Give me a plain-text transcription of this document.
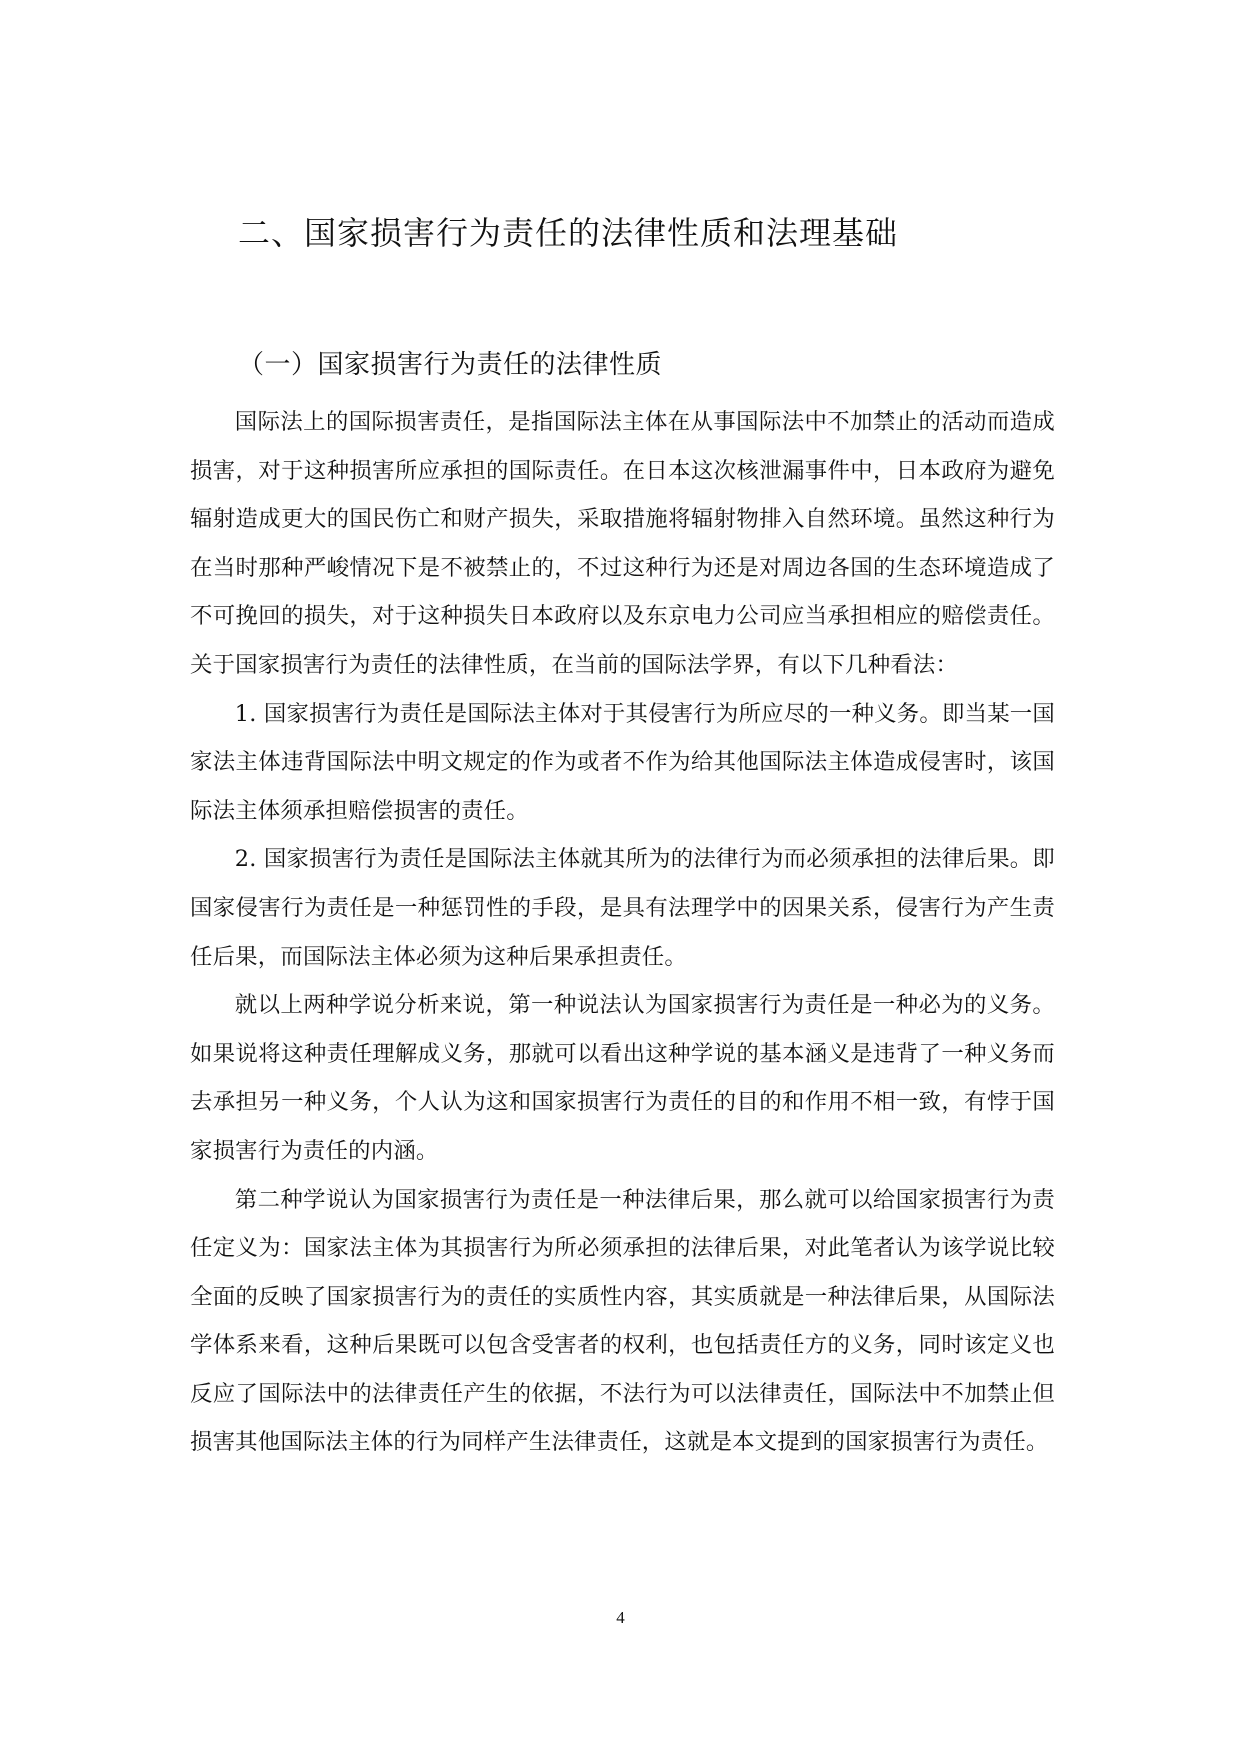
二、国家损害行为责任的法律性质和法理基础
（一）国家损害行为责任的法律性质

国际法上的国际损害责任，是指国际法主体在从事国际法中不加禁止的活动而造成损害，对于这种损害所应承担的国际责任。在日本这次核泄漏事件中，日本政府为避免辐射造成更大的国民伤亡和财产损失，采取措施将辐射物排入自然环境。虽然这种行为在当时那种严峻情况下是不被禁止的，不过这种行为还是对周边各国的生态环境造成了不可挽回的损失，对于这种损失日本政府以及东京电力公司应当承担相应的赔偿责任。关于国家损害行为责任的法律性质，在当前的国际法学界，有以下几种看法：

1. 国家损害行为责任是国际法主体对于其侵害行为所应尽的一种义务。即当某一国家法主体违背国际法中明文规定的作为或者不作为给其他国际法主体造成侵害时，该国际法主体须承担赔偿损害的责任。

2. 国家损害行为责任是国际法主体就其所为的法律行为而必须承担的法律后果。即国家侵害行为责任是一种惩罚性的手段，是具有法理学中的因果关系，侵害行为产生责任后果，而国际法主体必须为这种后果承担责任。

就以上两种学说分析来说，第一种说法认为国家损害行为责任是一种必为的义务。如果说将这种责任理解成义务，那就可以看出这种学说的基本涵义是违背了一种义务而去承担另一种义务，个人认为这和国家损害行为责任的目的和作用不相一致，有悖于国家损害行为责任的内涵。

第二种学说认为国家损害行为责任是一种法律后果，那么就可以给国家损害行为责任定义为：国家法主体为其损害行为所必须承担的法律后果，对此笔者认为该学说比较全面的反映了国家损害行为的责任的实质性内容，其实质就是一种法律后果，从国际法学体系来看，这种后果既可以包含受害者的权利，也包括责任方的义务，同时该定义也反应了国际法中的法律责任产生的依据，不法行为可以法律责任，国际法中不加禁止但损害其他国际法主体的行为同样产生法律责任，这就是本文提到的国家损害行为责任。

4
